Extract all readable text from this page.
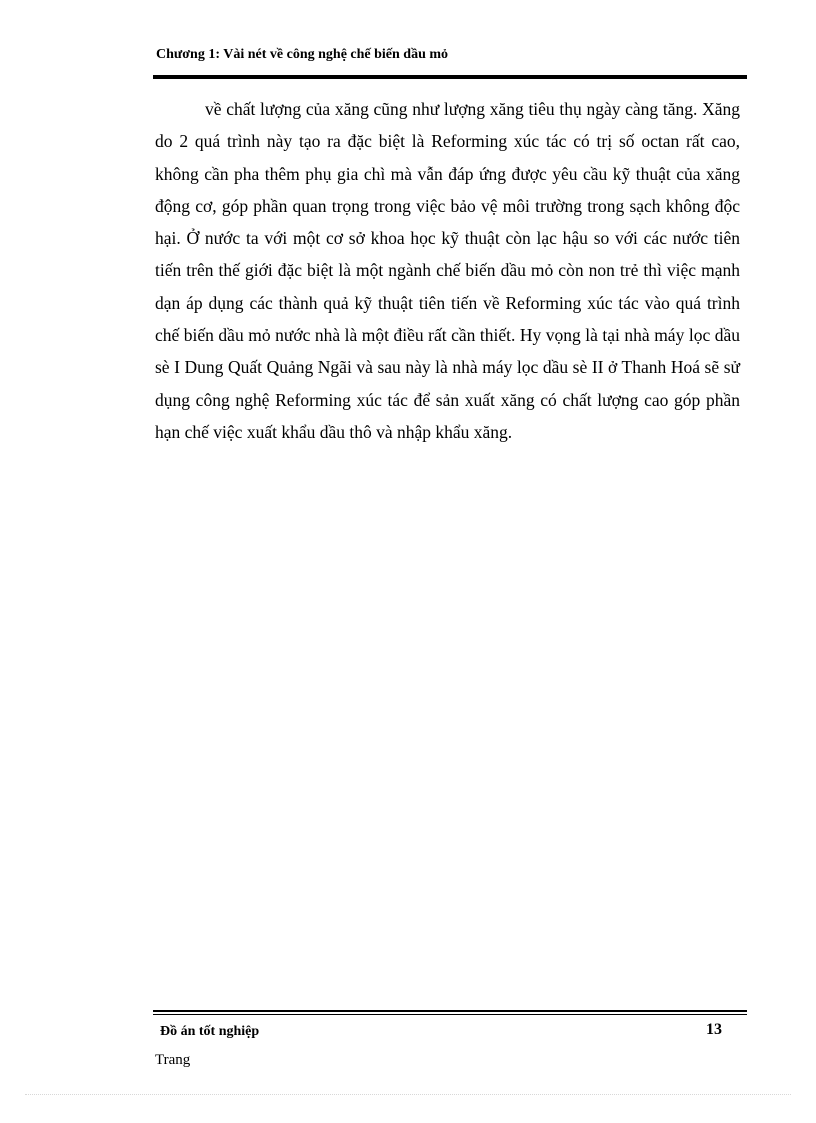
Chương 1: Vài nét về công nghệ chế biến dầu mỏ

về chất lượng của xăng cũng như lượng xăng tiêu thụ ngày càng tăng. Xăng do 2 quá trình này tạo ra đặc biệt là Reforming xúc tác có trị số octan rất cao, không cần pha thêm phụ gia chì mà vẫn đáp ứng được yêu cầu kỹ thuật của xăng động cơ, góp phần quan trọng trong việc bảo vệ môi trường trong sạch không độc hại. Ở nước ta với một cơ sở khoa học kỹ thuật còn lạc hậu so với các nước tiên tiến trên thế giới đặc biệt là một ngành chế biến dầu mỏ còn non trẻ thì việc mạnh dạn áp dụng các thành quả kỹ thuật tiên tiến về Reforming xúc tác vào quá trình chế biến dầu mỏ nước nhà là một điều rất cần thiết. Hy vọng là tại nhà máy lọc dầu sè I Dung Quất Quảng Ngãi và sau này là nhà máy lọc dầu sè II ở Thanh Hoá sẽ sử dụng công nghệ Reforming xúc tác để sản xuất xăng có chất lượng cao góp phần hạn chế việc xuất khẩu dầu thô và nhập khẩu xăng.

Đồ án tốt nghiệp	13
Trang
